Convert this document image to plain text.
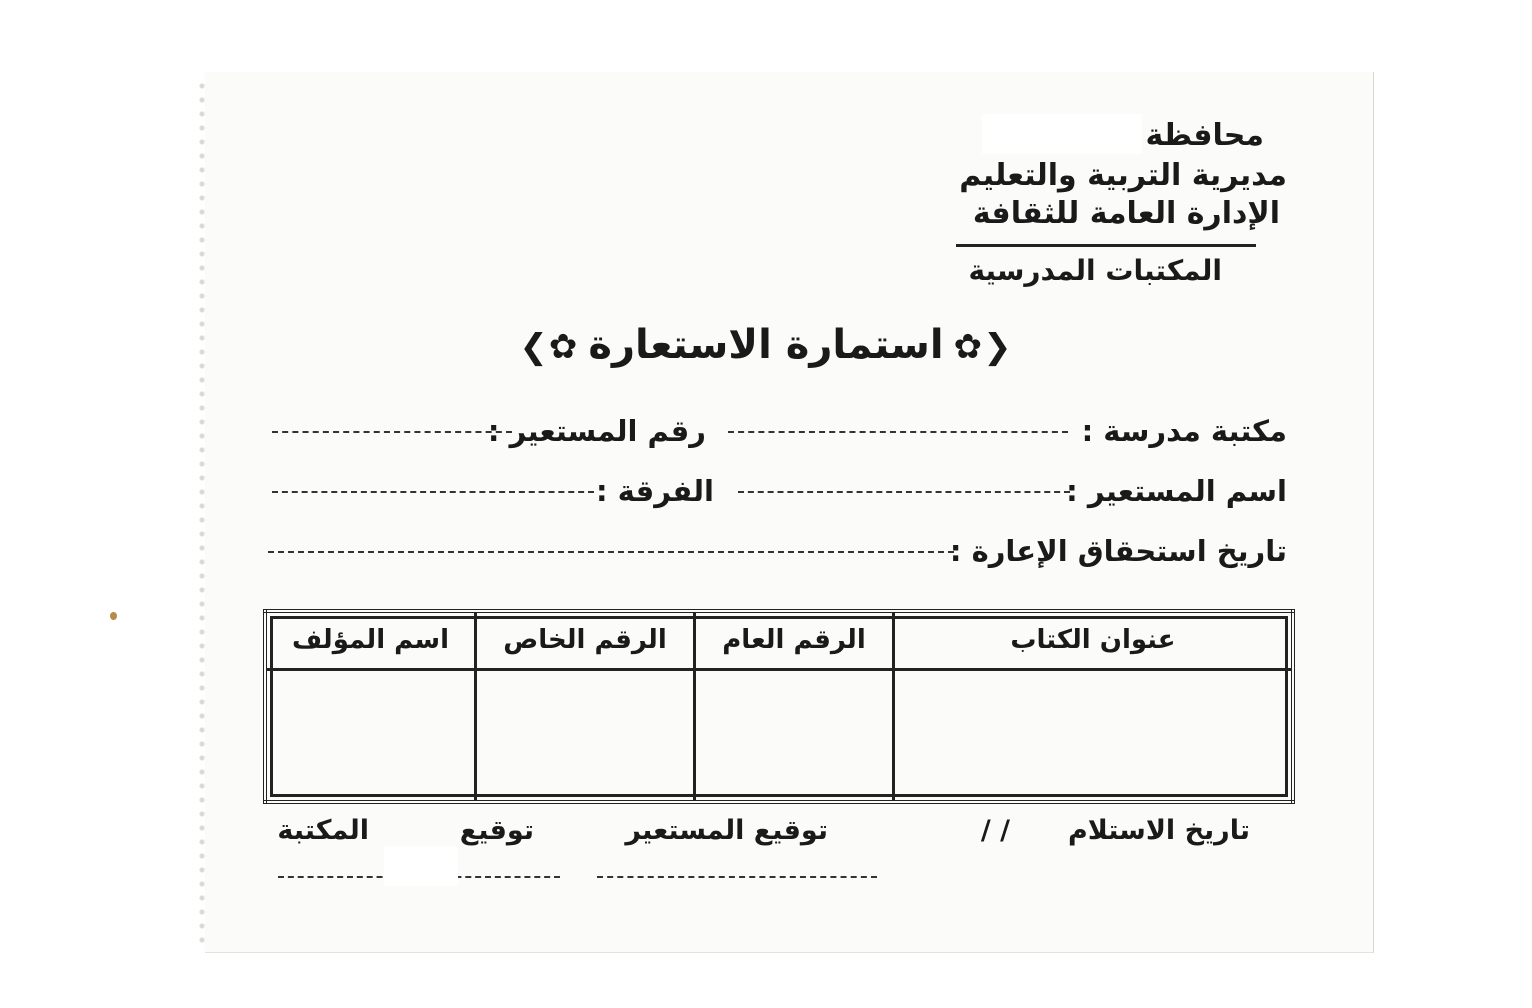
محافظة
مديرية التربية والتعليم
الإدارة العامة للثقافة
المكتبات المدرسية
❮✿استمارة الاستعارة✿❯
مكتبة مدرسة :
رقم المستعير :
اسم المستعير :
الفرقة :
تاريخ استحقاق الإعارة :
عنوان الكتاب	الرقم العام	الرقم الخاص	اسم المؤلف

تاريخ الاستلام
/ /
توقيع المستعير
توقيع
المكتبة
